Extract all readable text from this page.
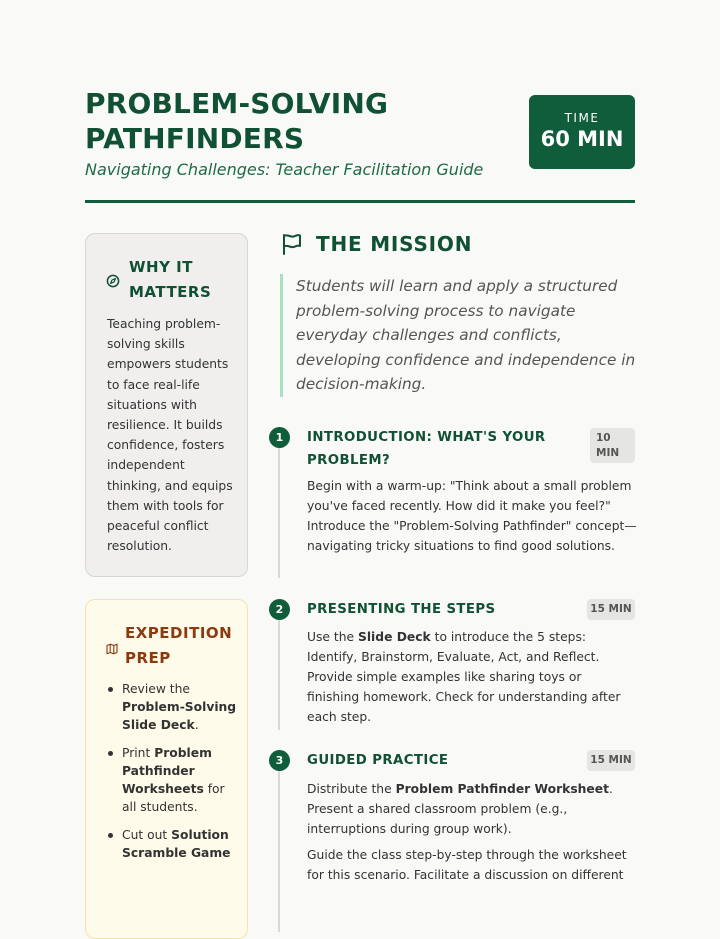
PROBLEM-SOLVING
PATHFINDERS
Navigating Challenges: Teacher Facilitation Guide
TIME
60 MIN
WHY IT
MATTERS
Teaching problem-solving skills empowers students to face real-life situations with resilience. It builds confidence, fosters independent thinking, and equips them with tools for peaceful conflict resolution.
EXPEDITION
PREP
Review the Problem-Solving Slide Deck.
Print Problem Pathfinder Worksheets for all students.
Cut out Solution Scramble Game
THE MISSION
Students will learn and apply a structured problem-solving process to navigate everyday challenges and conflicts, developing confidence and independence in decision-making.
1	INTRODUCTION: WHAT'S YOUR
PROBLEM?
10
MIN
Begin with a warm-up: "Think about a small problem you've faced recently. How did it make you feel?" Introduce the "Problem-Solving Pathfinder" concept—navigating tricky situations to find good solutions.
2	PRESENTING THE STEPS	15 MIN
Use the Slide Deck to introduce the 5 steps: Identify, Brainstorm, Evaluate, Act, and Reflect. Provide simple examples like sharing toys or finishing homework. Check for understanding after each step.
3	GUIDED PRACTICE	15 MIN

Distribute the Problem Pathfinder Worksheet. Present a shared classroom problem (e.g., interruptions during group work).

Guide the class step-by-step through the worksheet for this scenario. Facilitate a discussion on different
